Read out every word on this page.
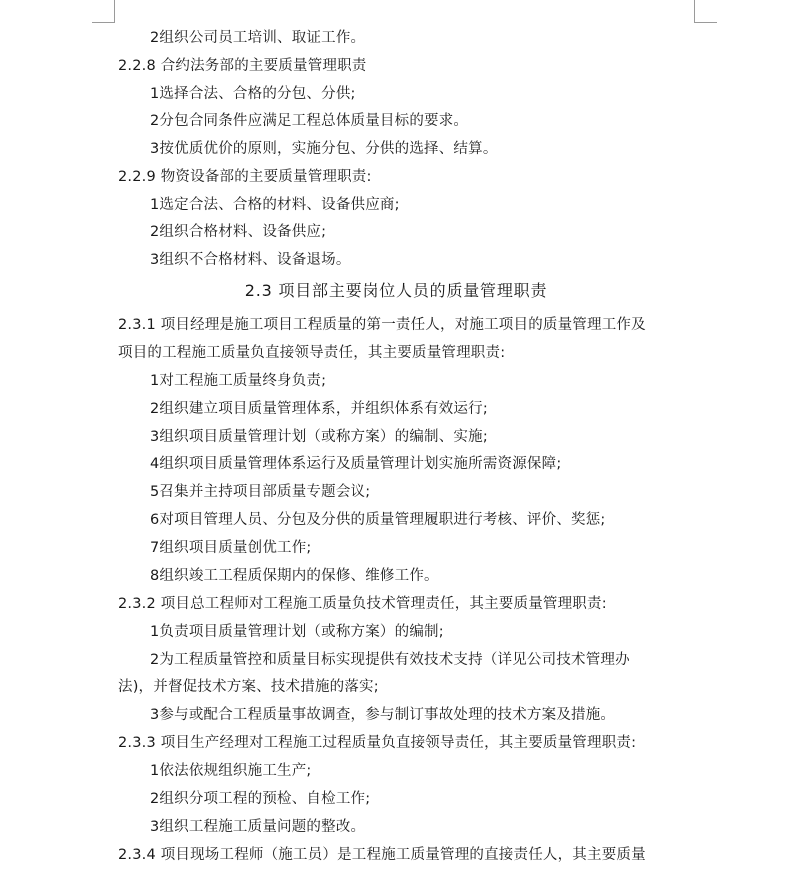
2组织公司员工培训、取证工作。
2.2.8 合约法务部的主要质量管理职责
1选择合法、合格的分包、分供;
2分包合同条件应满足工程总体质量目标的要求。
3按优质优价的原则，实施分包、分供的选择、结算。
2.2.9 物资设备部的主要质量管理职责:
1选定合法、合格的材料、设备供应商;
2组织合格材料、设备供应;
3组织不合格材料、设备退场。
2.3 项目部主要岗位人员的质量管理职责
2.3.1 项目经理是施工项目工程质量的第一责任人，对施工项目的质量管理工作及
项目的工程施工质量负直接领导责任，其主要质量管理职责:
1对工程施工质量终身负责;
2组织建立项目质量管理体系，并组织体系有效运行;
3组织项目质量管理计划（或称方案）的编制、实施;
4组织项目质量管理体系运行及质量管理计划实施所需资源保障;
5召集并主持项目部质量专题会议;
6对项目管理人员、分包及分供的质量管理履职进行考核、评价、奖惩;
7组织项目质量创优工作;
8组织竣工工程质保期内的保修、维修工作。
2.3.2 项目总工程师对工程施工质量负技术管理责任，其主要质量管理职责:
1负责项目质量管理计划（或称方案）的编制;
2为工程质量管控和质量目标实现提供有效技术支持（详见公司技术管理办
法)，并督促技术方案、技术措施的落实;
3参与或配合工程质量事故调查，参与制订事故处理的技术方案及措施。
2.3.3 项目生产经理对工程施工过程质量负直接领导责任，其主要质量管理职责:
1依法依规组织施工生产;
2组织分项工程的预检、自检工作;
3组织工程施工质量问题的整改。
2.3.4 项目现场工程师（施工员）是工程施工质量管理的直接责任人，其主要质量
